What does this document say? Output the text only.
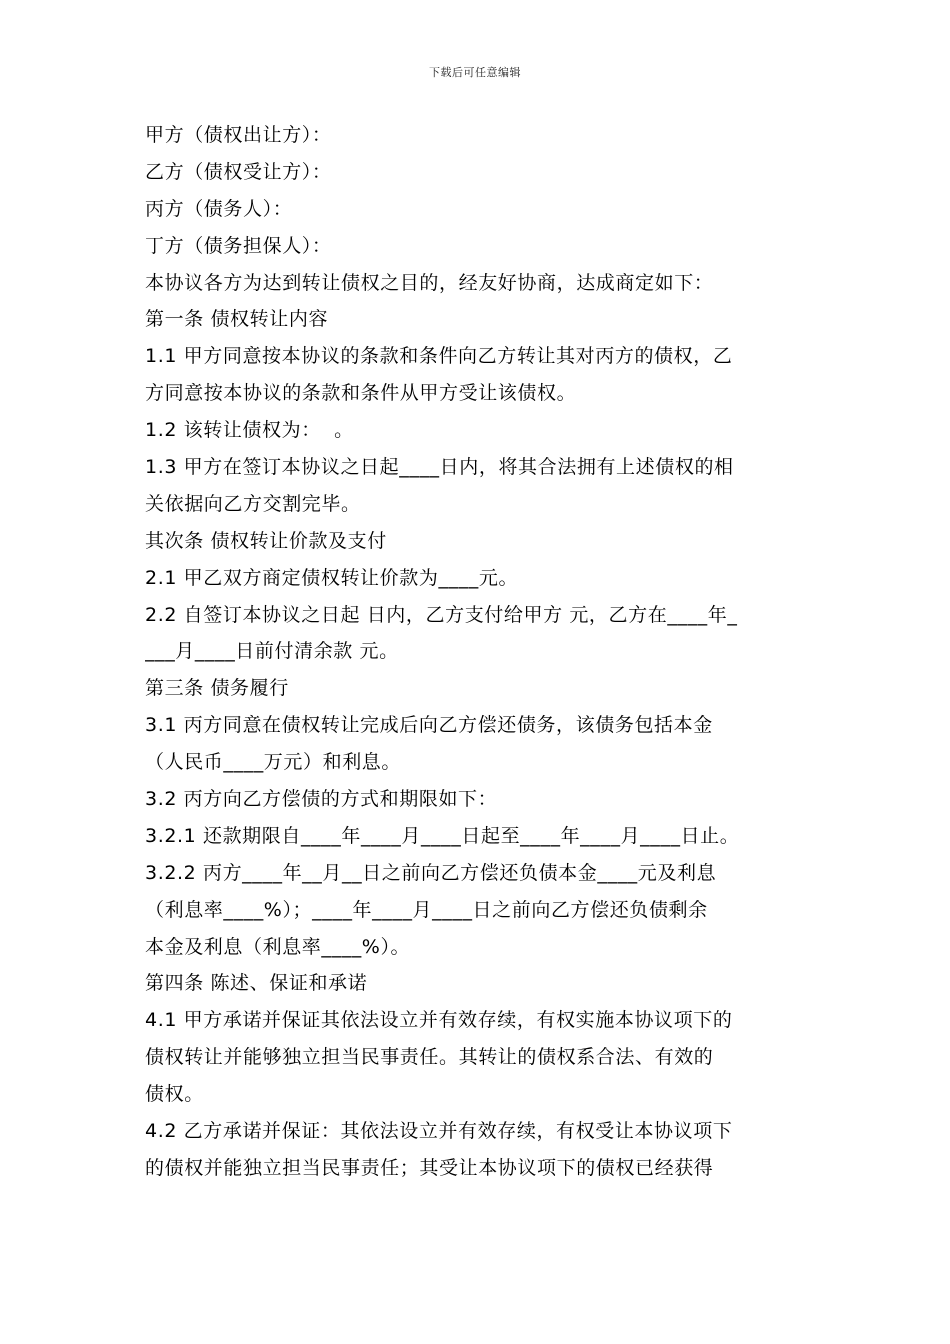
下载后可任意编辑
甲方（债权出让方）：
乙方（债权受让方）：
丙方（债务人）：
丁方（债务担保人）：
本协议各方为达到转让债权之目的，经友好协商，达成商定如下：
第一条 债权转让内容
1.1 甲方同意按本协议的条款和条件向乙方转让其对丙方的债权，乙
方同意按本协议的条款和条件从甲方受让该债权。
1.2 该转让债权为：  。
1.3 甲方在签订本协议之日起____日内，将其合法拥有上述债权的相
关依据向乙方交割完毕。
其次条 债权转让价款及支付
2.1 甲乙双方商定债权转让价款为____元。
2.2 自签订本协议之日起 日内，乙方支付给甲方 元，乙方在____年_
___月____日前付清余款 元。
第三条 债务履行
3.1 丙方同意在债权转让完成后向乙方偿还债务，该债务包括本金
（人民币____万元）和利息。
3.2 丙方向乙方偿债的方式和期限如下：
3.2.1 还款期限自____年____月____日起至____年____月____日止。
3.2.2 丙方____年__月__日之前向乙方偿还负债本金____元及利息
（利息率____%）；____年____月____日之前向乙方偿还负债剩余
本金及利息（利息率____%）。
第四条 陈述、保证和承诺
4.1 甲方承诺并保证其依法设立并有效存续，有权实施本协议项下的
债权转让并能够独立担当民事责任。其转让的债权系合法、有效的
债权。
4.2 乙方承诺并保证：其依法设立并有效存续，有权受让本协议项下
的债权并能独立担当民事责任；其受让本协议项下的债权已经获得
